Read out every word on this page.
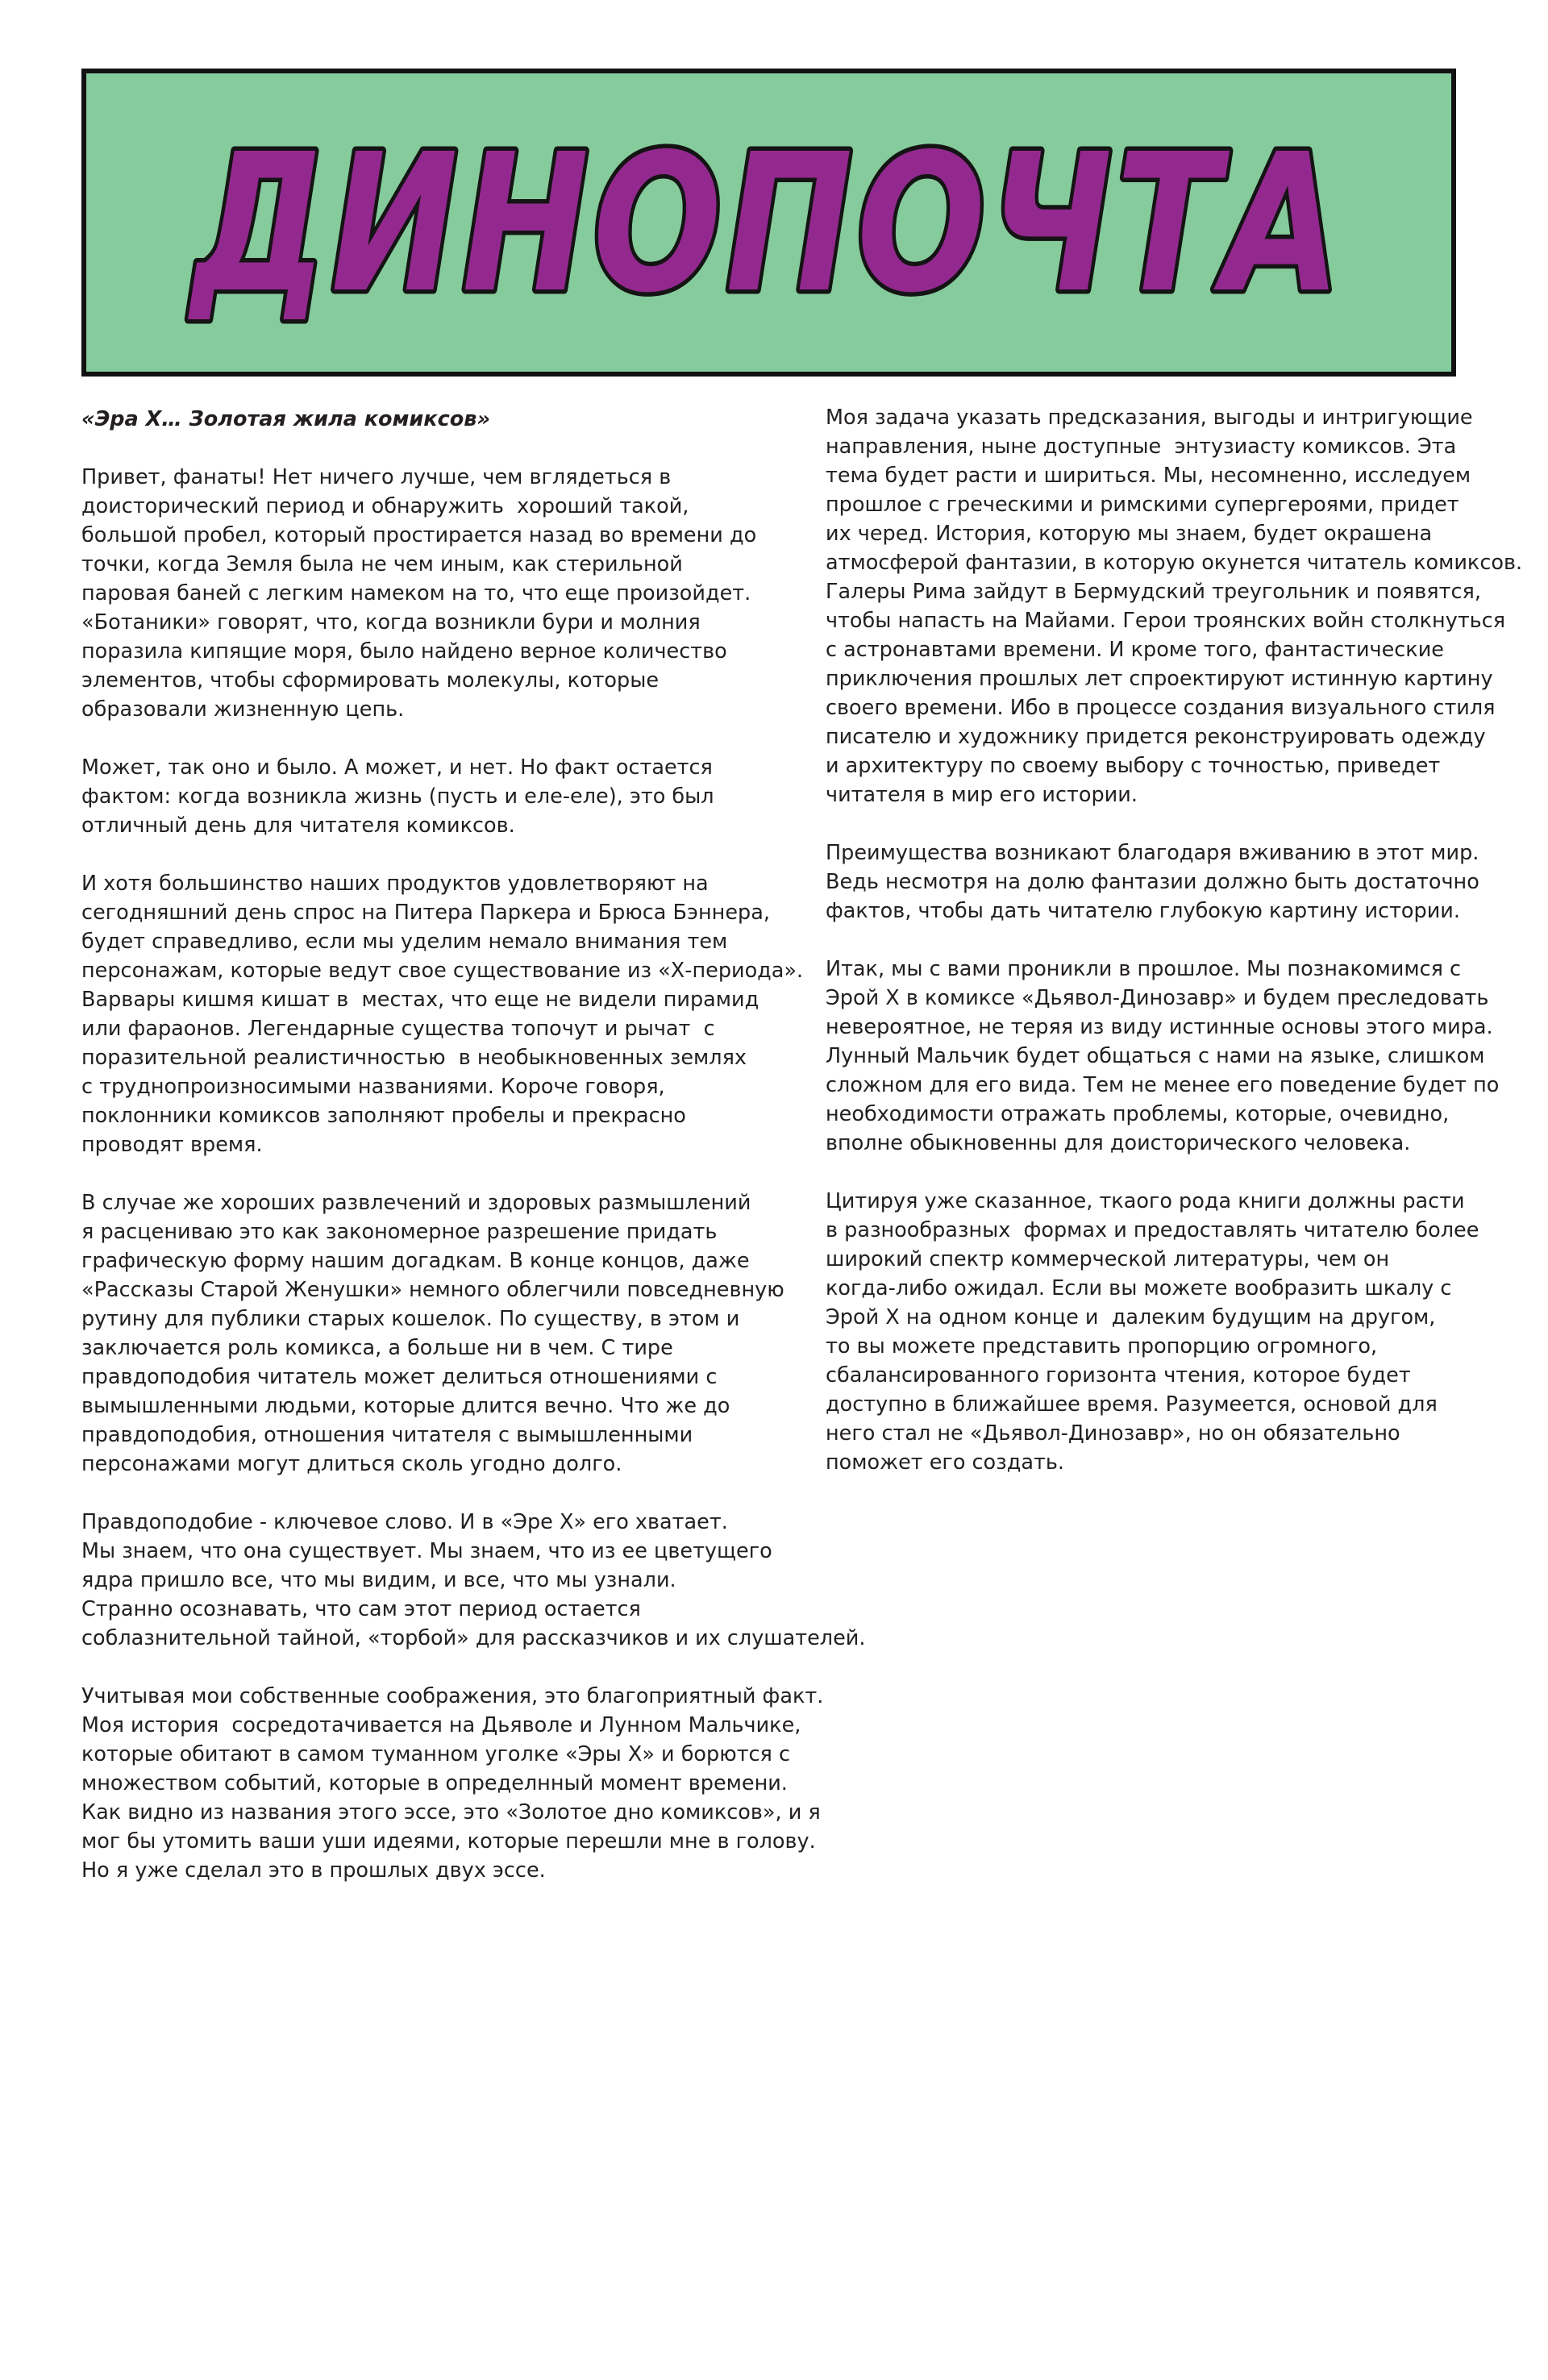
ДИНОПОЧТА
«Эра Х… Золотая жила комиксов»
Привет, фанаты! Нет ничего лучше, чем вглядеться в
доисторический период и обнаружить  хороший такой,
большой пробел, который простирается назад во времени до
точки, когда Земля была не чем иным, как стерильной
паровая баней с легким намеком на то, что еще произойдет.
«Ботаники» говорят, что, когда возникли бури и молния
поразила кипящие моря, было найдено верное количество
элементов, чтобы сформировать молекулы, которые
образовали жизненную цепь.
Может, так оно и было. А может, и нет. Но факт остается
фактом: когда возникла жизнь (пусть и еле-еле), это был
отличный день для читателя комиксов.
И хотя большинство наших продуктов удовлетворяют на
сегодняшний день спрос на Питера Паркера и Брюса Бэннера,
будет справедливо, если мы уделим немало внимания тем
персонажам, которые ведут свое существование из «Х-периода».
Варвары кишмя кишат в  местах, что еще не видели пирамид
или фараонов. Легендарные существа топочут и рычат  с
поразительной реалистичностью  в необыкновенных землях
с труднопроизносимыми названиями. Короче говоря,
поклонники комиксов заполняют пробелы и прекрасно
проводят время.
В случае же хороших развлечений и здоровых размышлений
я расцениваю это как закономерное разрешение придать
графическую форму нашим догадкам. В конце концов, даже
«Рассказы Старой Женушки» немного облегчили повседневную
рутину для публики старых кошелок. По существу, в этом и
заключается роль комикса, а больше ни в чем. С тире
правдоподобия читатель может делиться отношениями с
вымышленными людьми, которые длится вечно. Что же до
правдоподобия, отношения читателя с вымышленными
персонажами могут длиться сколь угодно долго.
Правдоподобие - ключевое слово. И в «Эре Х» его хватает.
Мы знаем, что она существует. Мы знаем, что из ее цветущего
ядра пришло все, что мы видим, и все, что мы узнали.
Странно осознавать, что сам этот период остается
соблазнительной тайной, «торбой» для рассказчиков и их слушателей.
Учитывая мои собственные соображения, это благоприятный факт.
Моя история  сосредотачивается на Дьяволе и Лунном Мальчике,
которые обитают в самом туманном уголке «Эры Х» и борются с
множеством событий, которые в определнный момент времени.
Как видно из названия этого эссе, это «Золотое дно комиксов», и я
мог бы утомить ваши уши идеями, которые перешли мне в голову.
Но я уже сделал это в прошлых двух эссе.
Моя задача указать предсказания, выгоды и интригующие
направления, ныне доступные  энтузиасту комиксов. Эта
тема будет расти и шириться. Мы, несомненно, исследуем
прошлое с греческими и римскими супергероями, придет
их черед. История, которую мы знаем, будет окрашена
атмосферой фантазии, в которую окунется читатель комиксов.
Галеры Рима зайдут в Бермудский треугольник и появятся,
чтобы напасть на Майами. Герои троянских войн столкнуться
с астронавтами времени. И кроме того, фантастические
приключения прошлых лет спроектируют истинную картину
своего времени. Ибо в процессе создания визуального стиля
писателю и художнику придется реконструировать одежду
и архитектуру по своему выбору с точностью, приведет
читателя в мир его истории.
Преимущества возникают благодаря вживанию в этот мир.
Ведь несмотря на долю фантазии должно быть достаточно
фактов, чтобы дать читателю глубокую картину истории.
Итак, мы с вами проникли в прошлое. Мы познакомимся с
Эрой Х в комиксе «Дьявол-Динозавр» и будем преследовать
невероятное, не теряя из виду истинные основы этого мира.
Лунный Мальчик будет общаться с нами на языке, слишком
сложном для его вида. Тем не менее его поведение будет по
необходимости отражать проблемы, которые, очевидно,
вполне обыкновенны для доисторического человека.
Цитируя уже сказанное, ткаого рода книги должны расти
в разнообразных  формах и предоставлять читателю более
широкий спектр коммерческой литературы, чем он
когда-либо ожидал. Если вы можете вообразить шкалу с
Эрой Х на одном конце и  далеким будущим на другом,
то вы можете представить пропорцию огромного,
сбалансированного горизонта чтения, которое будет
доступно в ближайшее время. Разумеется, основой для
него стал не «Дьявол-Динозавр», но он обязательно
поможет его создать.
